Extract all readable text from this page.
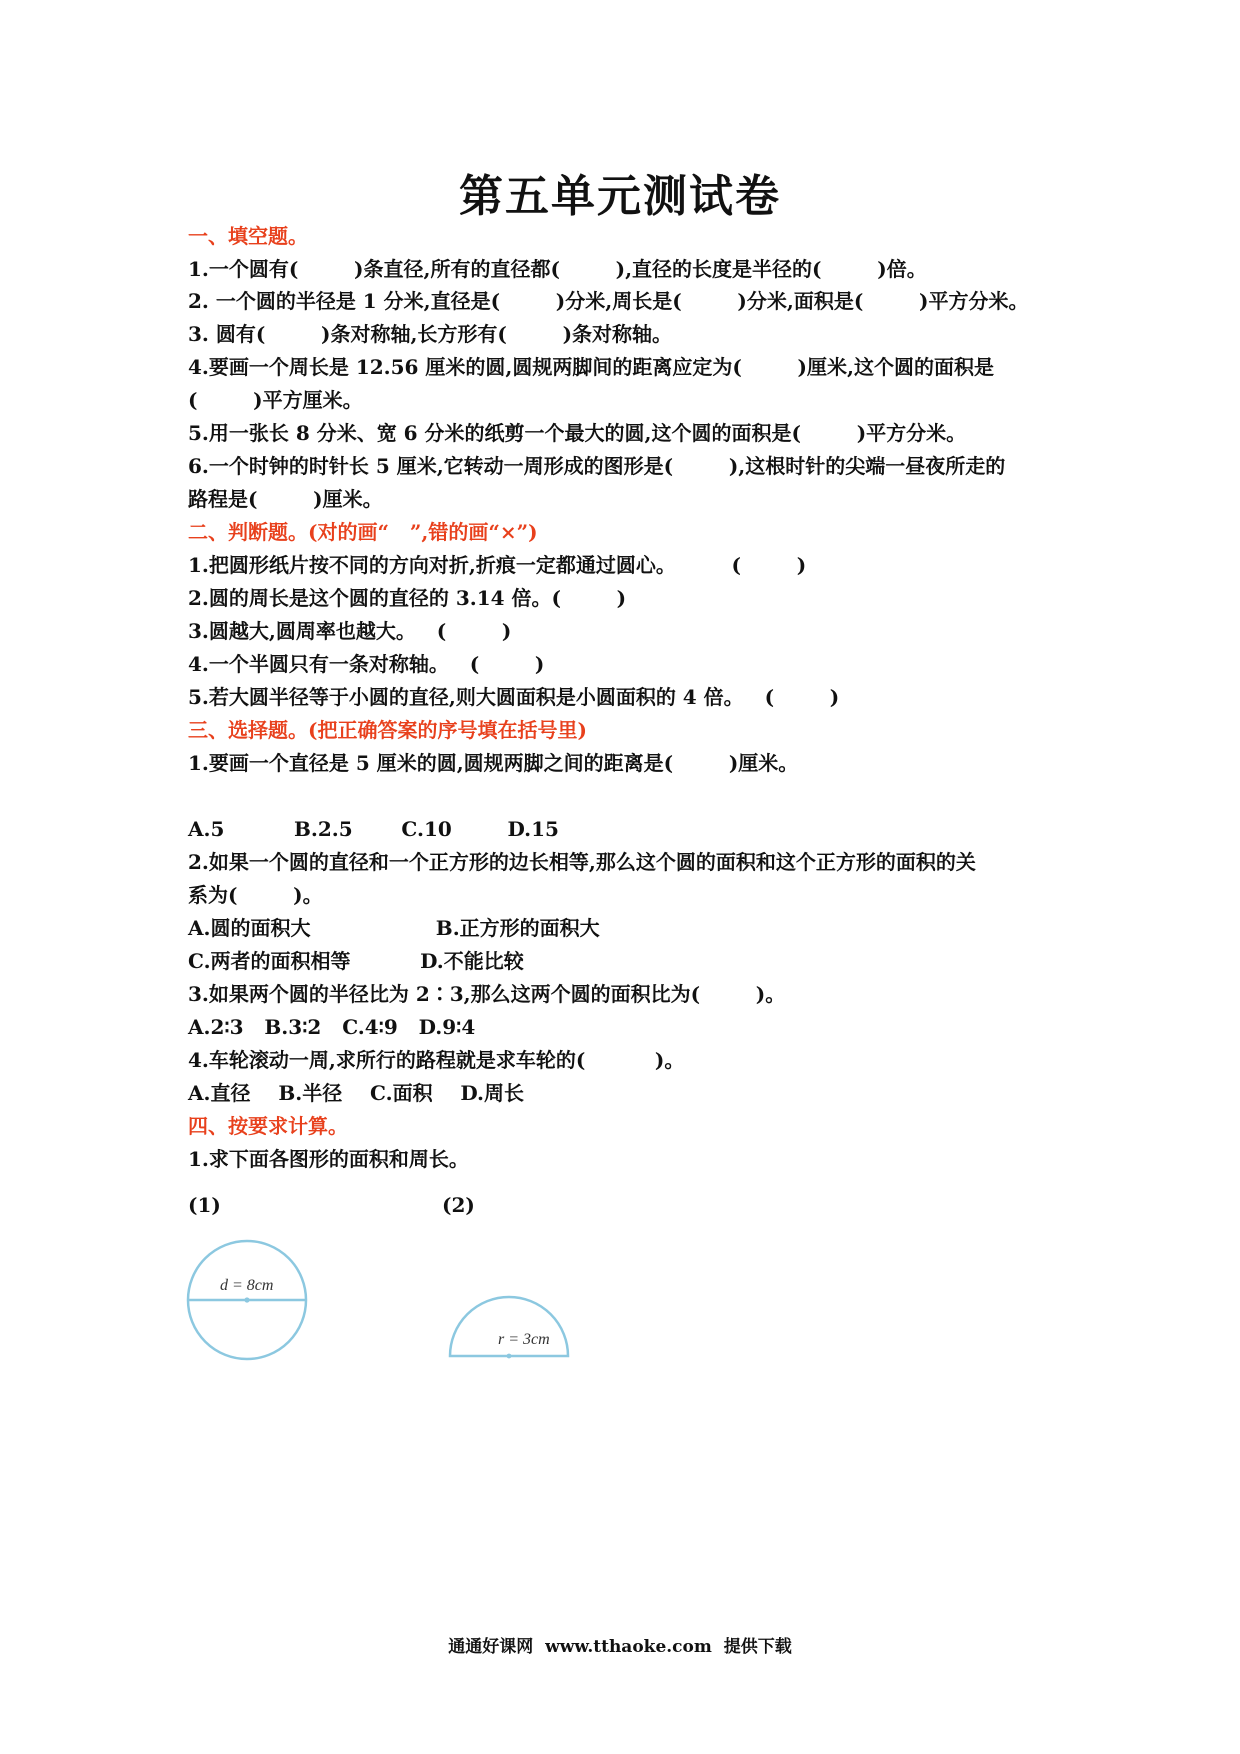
第五单元测试卷
一、填空题。
1.一个圆有(        )条直径,所有的直径都(        ),直径的长度是半径的(        )倍。
2. 一个圆的半径是 1 分米,直径是(        )分米,周长是(        )分米,面积是(        )平方分米。
3. 圆有(        )条对称轴,长方形有(        )条对称轴。
4.要画一个周长是 12.56 厘米的圆,圆规两脚间的距离应定为(        )厘米,这个圆的面积是
(        )平方厘米。
5.用一张长 8 分米、宽 6 分米的纸剪一个最大的圆,这个圆的面积是(        )平方分米。
6.一个时钟的时针长 5 厘米,它转动一周形成的图形是(        ),这根时针的尖端一昼夜所走的
路程是(        )厘米。
二、判断题。(对的画“   ”,错的画“×”)
1.把圆形纸片按不同的方向对折,折痕一定都通过圆心。        (        )
2.圆的周长是这个圆的直径的 3.14 倍。(        )
3.圆越大,圆周率也越大。   (        )
4.一个半圆只有一条对称轴。   (        )
5.若大圆半径等于小圆的直径,则大圆面积是小圆面积的 4 倍。   (        )
三、选择题。(把正确答案的序号填在括号里)
1.要画一个直径是 5 厘米的圆,圆规两脚之间的距离是(        )厘米。
A.5          B.2.5       C.10        D.15
2.如果一个圆的直径和一个正方形的边长相等,那么这个圆的面积和这个正方形的面积的关
系为(        )。
A.圆的面积大                  B.正方形的面积大
C.两者的面积相等          D.不能比较
3.如果两个圆的半径比为 2∶3,那么这两个圆的面积比为(        )。
A.2∶3   B.3∶2   C.4∶9   D.9∶4
4.车轮滚动一周,求所行的路程就是求车轮的(          )。
A.直径    B.半径    C.面积    D.周长
四、按要求计算。
1.求下面各图形的面积和周长。
(1)	(2)
d = 8cm
r = 3cm
通通好课网  www.tthaoke.com  提供下载
